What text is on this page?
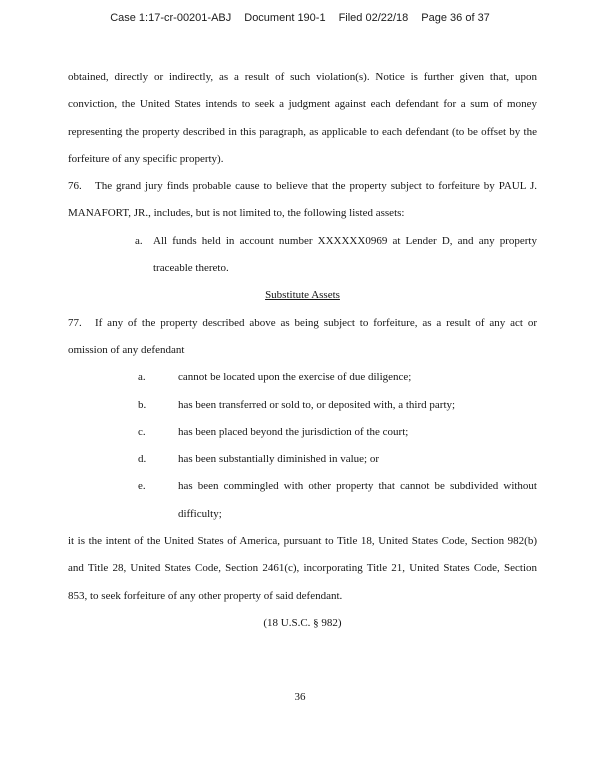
Case 1:17-cr-00201-ABJ Document 190-1 Filed 02/22/18 Page 36 of 37

obtained, directly or indirectly, as a result of such violation(s). Notice is further given that, upon conviction, the United States intends to seek a judgment against each defendant for a sum of money representing the property described in this paragraph, as applicable to each defendant (to be offset by the forfeiture of any specific property).

76. The grand jury finds probable cause to believe that the property subject to forfeiture by PAUL J. MANAFORT, JR., includes, but is not limited to, the following listed assets:

a. All funds held in account number XXXXXX0969 at Lender D, and any property traceable thereto.
Substitute Assets

77. If any of the property described above as being subject to forfeiture, as a result of any act or omission of any defendant

a.	cannot be located upon the exercise of due diligence;
b.	has been transferred or sold to, or deposited with, a third party;
c.	has been placed beyond the jurisdiction of the court;
d.	has been substantially diminished in value; or
e.	has been commingled with other property that cannot be subdivided without difficulty;

it is the intent of the United States of America, pursuant to Title 18, United States Code, Section 982(b) and Title 28, United States Code, Section 2461(c), incorporating Title 21, United States Code, Section 853, to seek forfeiture of any other property of said defendant.

(18 U.S.C. § 982)

36
